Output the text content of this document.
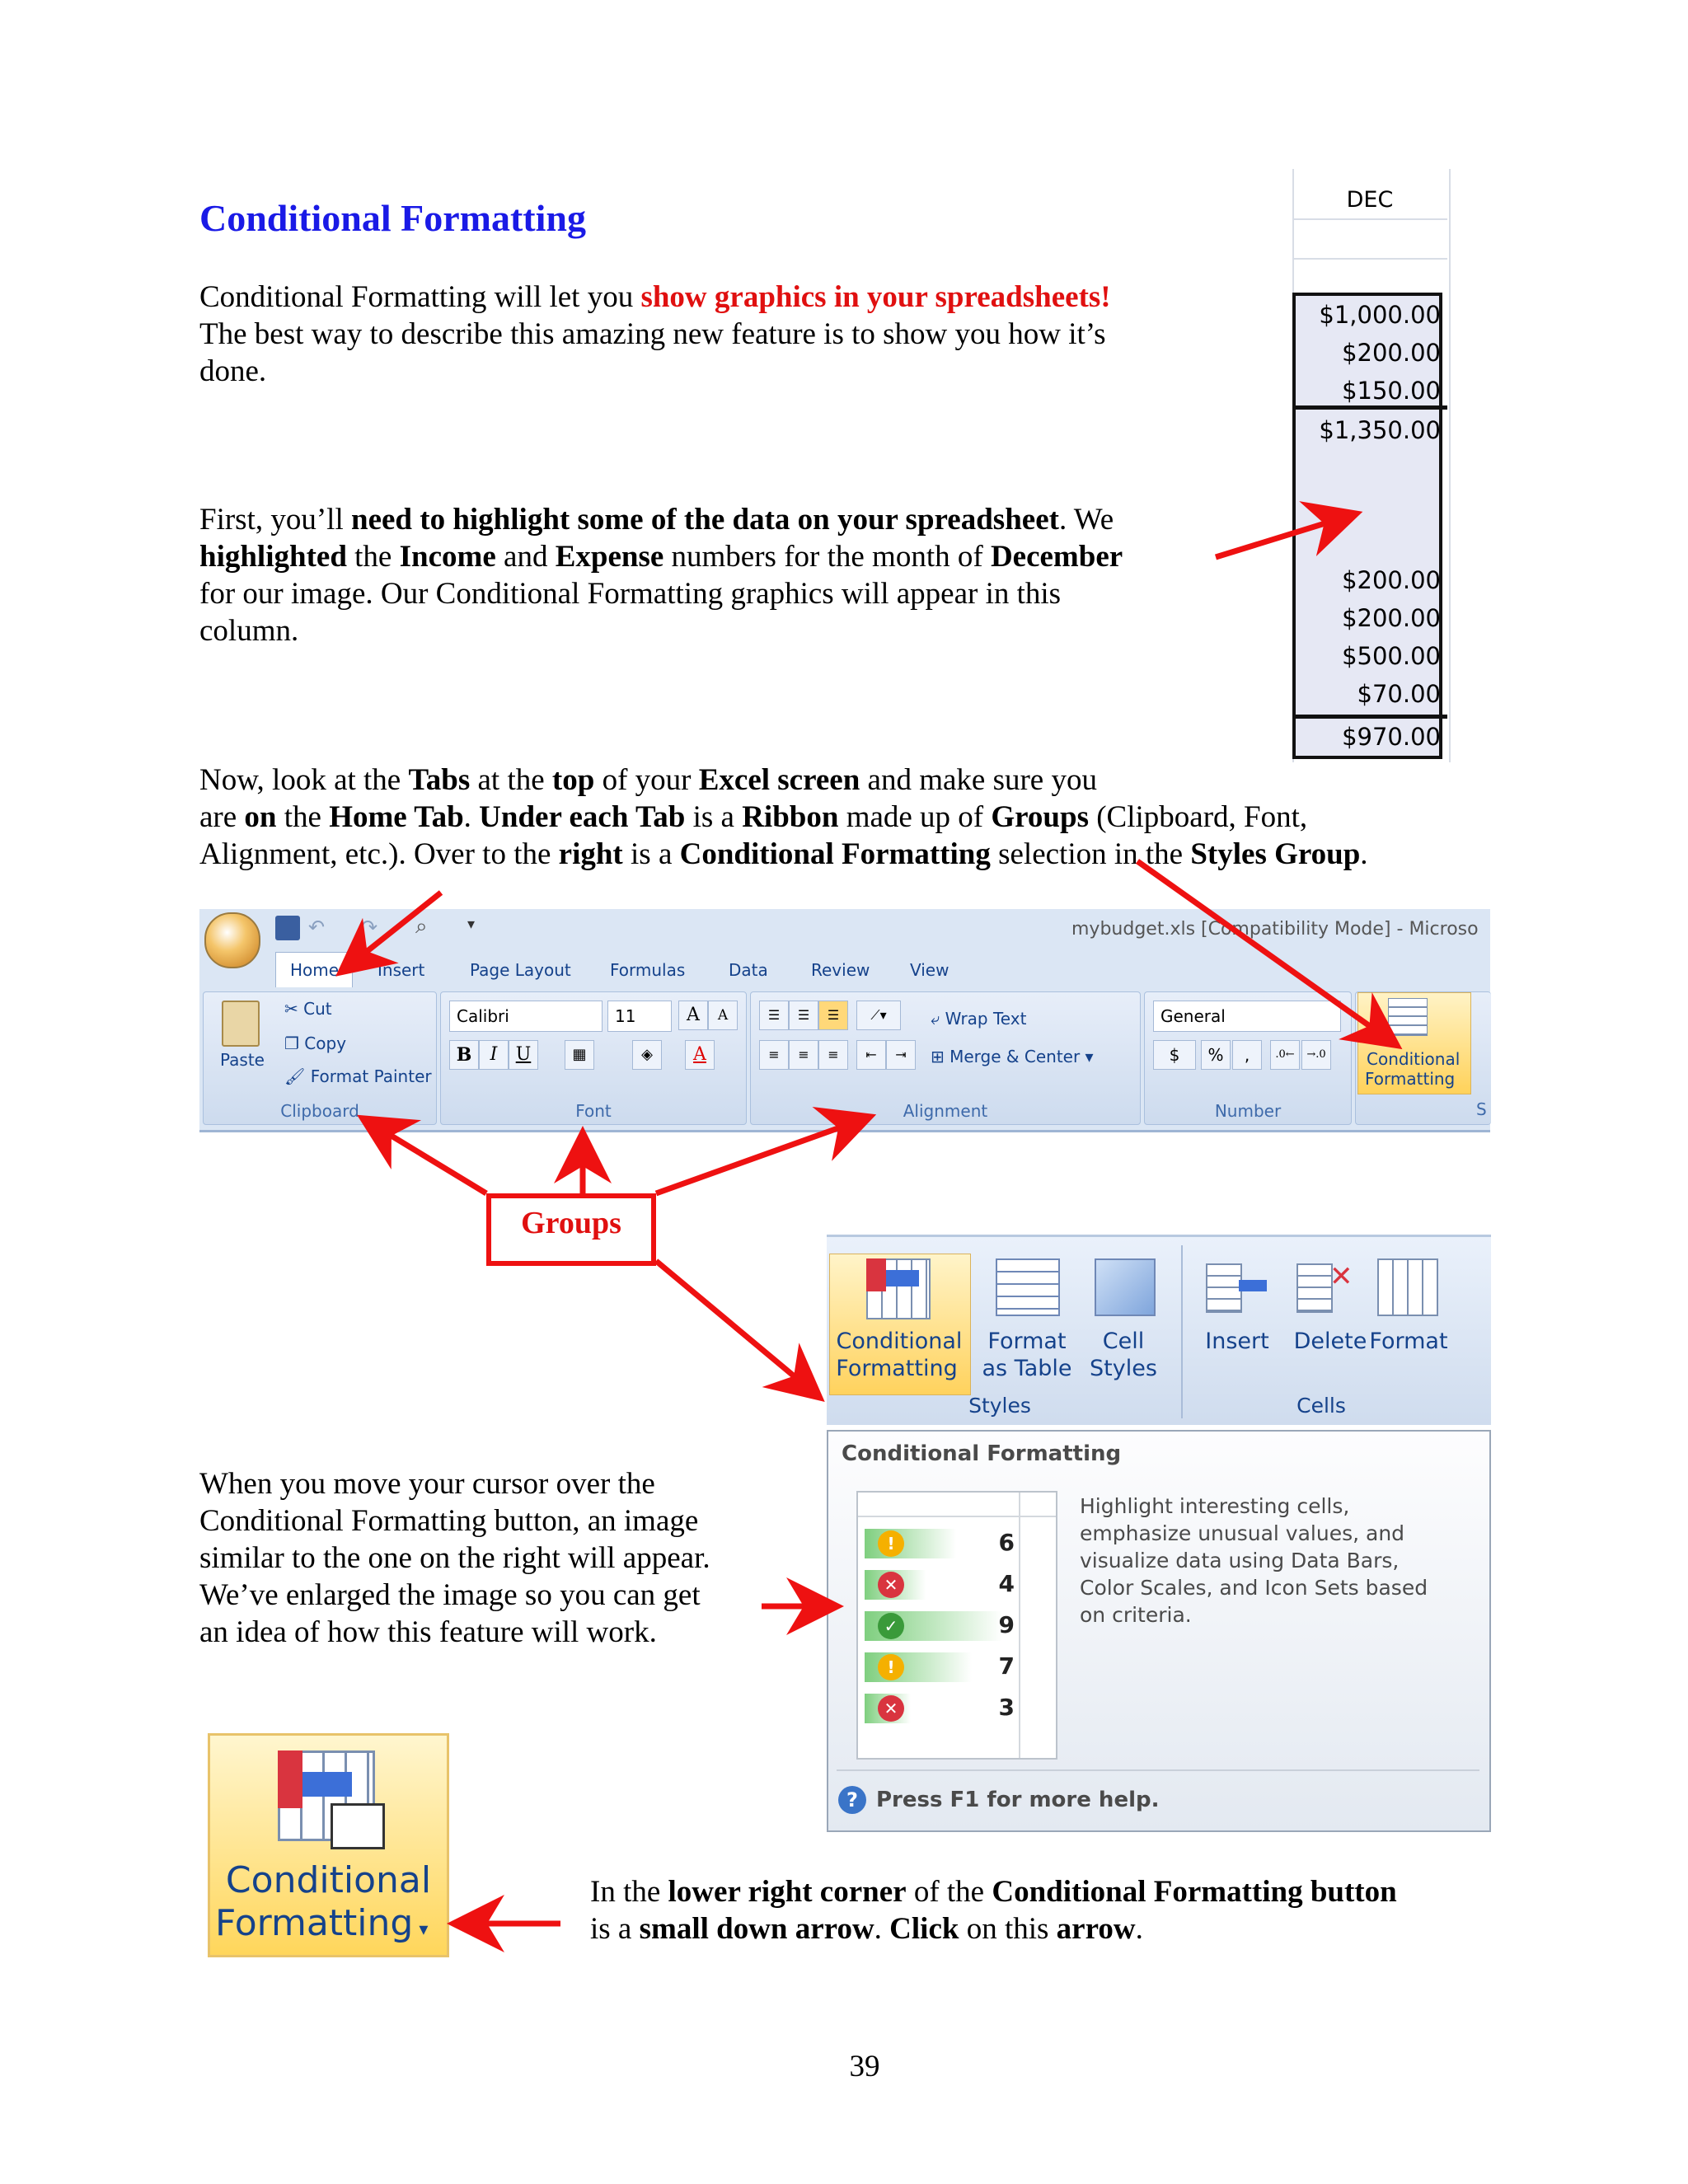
Conditional Formatting
Conditional Formatting will let you show graphics in your spreadsheets!
The best way to describe this amazing new feature is to show you how it’s
done.
First, you’ll need to highlight some of the data on your spreadsheet. We
highlighted the Income and Expense numbers for the month of December
for our image. Our Conditional Formatting graphics will appear in this
column.
DEC
$1,000.00
$200.00
$150.00
$1,350.00
$200.00
$200.00
$500.00
$70.00
$970.00
Now, look at the Tabs at the top of your Excel screen and make sure you
are on the Home Tab. Under each Tab is a Ribbon made up of Groups (Clipboard, Font,
Alignment, etc.). Over to the right is a Conditional Formatting selection in the Styles Group.
↶ ↷ ⌕	▾	mybudget.xls [Compatibility Mode] - Microso
Home Insert	Page Layout Formulas	Data	Review View
Paste
✂ Cut
❐ Copy
🖌 Format Painter
Clipboard
Calibri	11	A	A
B	I	U	▦	◈	A
Font
☰	☰	☰	⟋▾
≡	≡	≡	⇤	⇥
⤶ Wrap Text
⊞ Merge & Center ▾
Alignment
General
$	%	,	.0←	→.0
Number
Conditional
Formatting
S
Groups
Conditional
Formatting
Format
as Table
Cell
Styles
Styles
Insert
✕
Delete Format
Cells
Conditional Formatting
!	6
✕	4
✓	9
!	7
✕	3
Highlight interesting cells,
emphasize unusual values, and
visualize data using Data Bars,
Color Scales, and Icon Sets based
on criteria.
? Press F1 for more help.
When you move your cursor over the
Conditional Formatting button, an image
similar to the one on the right will appear.
We’ve enlarged the image so you can get
an idea of how this feature will work.
Conditional
Formatting ▾
In the lower right corner of the Conditional Formatting button
is a small down arrow. Click on this arrow.
39
